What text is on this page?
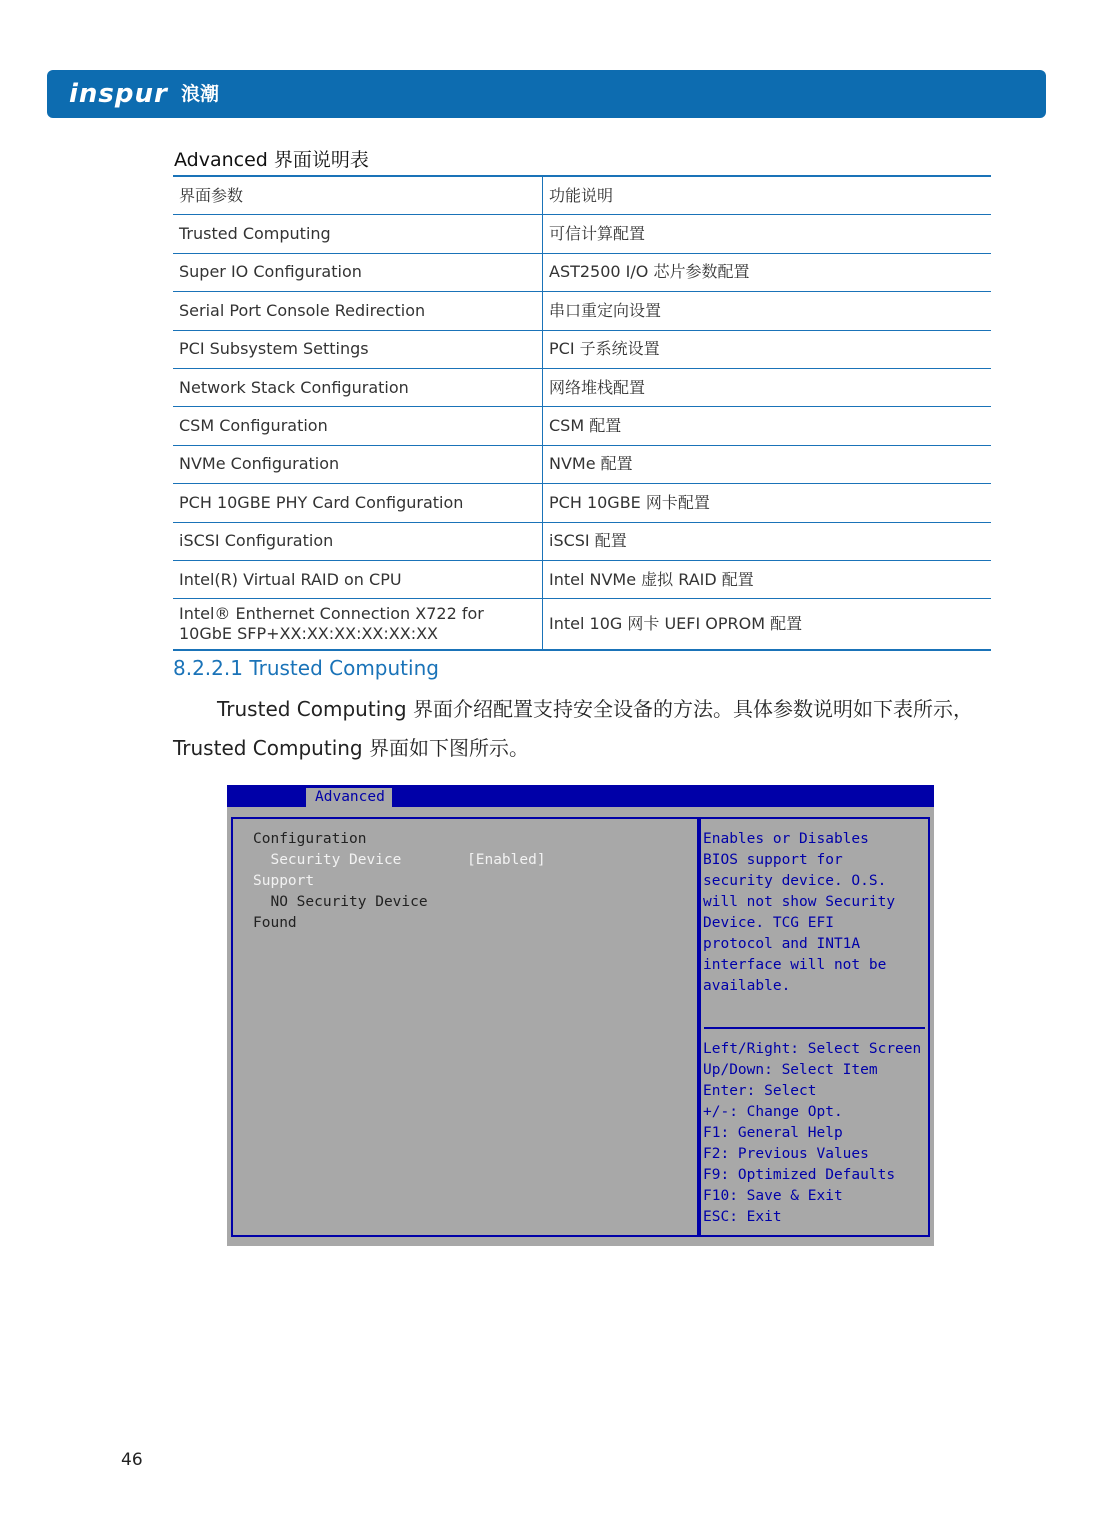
inspur 浪潮
Advanced 界面说明表
界面参数	功能说明
Trusted Computing	可信计算配置
Super IO Configuration	AST2500 I/O 芯片参数配置
Serial Port Console Redirection	串口重定向设置
PCI Subsystem Settings	PCI 子系统设置
Network Stack Configuration	网络堆栈配置
CSM Configuration	CSM 配置
NVMe Configuration	NVMe 配置
PCH 10GBE PHY Card Configuration	PCH 10GBE 网卡配置
iSCSI Configuration	iSCSI 配置
Intel(R) Virtual RAID on CPU	Intel NVMe 虚拟 RAID 配置

Intel® Enthernet Connection X722 for
10GbE SFP+XX:XX:XX:XX:XX:XX	Intel 10G 网卡 UEFI OPROM 配置
8.2.2.1 Trusted Computing
Trusted Computing 界面介绍配置支持安全设备的方法。具体参数说明如下表所示，Trusted Computing 界面如下图所示。
Advanced
Configuration
Security Device	[Enabled]
Support
NO Security Device
Found
Enables or Disables
BIOS support for
security device. O.S.
will not show Security
Device. TCG EFI
protocol and INT1A
interface will not be
available.
Left/Right: Select Screen
Up/Down: Select Item
Enter: Select
+/-: Change Opt.
F1: General Help
F2: Previous Values
F9: Optimized Defaults
F10: Save & Exit
ESC: Exit
46
